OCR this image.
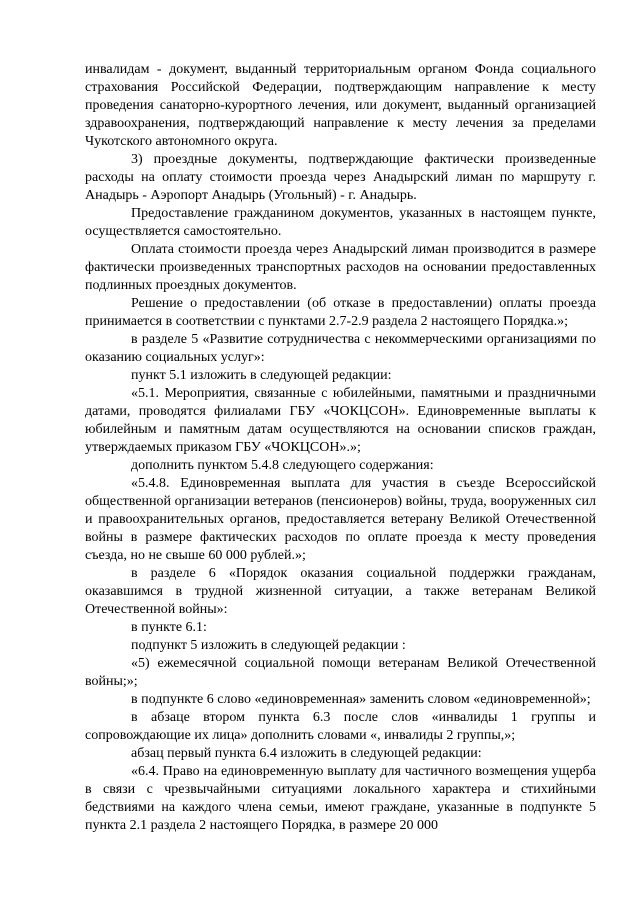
инвалидам - документ, выданный территориальным органом Фонда социального страхования Российской Федерации, подтверждающим направление к месту проведения санаторно-курортного лечения, или документ, выданный организацией здравоохранения, подтверждающий направление к месту лечения за пределами Чукотского автономного округа.

3) проездные документы, подтверждающие фактически произведенные расходы на оплату стоимости проезда через Анадырский лиман по маршруту г. Анадырь - Аэропорт Анадырь (Угольный) - г. Анадырь.

Предоставление гражданином документов, указанных в настоящем пункте, осуществляется самостоятельно.

Оплата стоимости проезда через Анадырский лиман производится в размере фактически произведенных транспортных расходов на основании предоставленных подлинных проездных документов.

Решение о предоставлении (об отказе в предоставлении) оплаты проезда принимается в соответствии с пунктами 2.7-2.9 раздела 2 настоящего Порядка.»;

в разделе 5 «Развитие сотрудничества с некоммерческими организациями по оказанию социальных услуг»:

пункт 5.1 изложить в следующей редакции:

«5.1. Мероприятия, связанные с юбилейными, памятными и праздничными датами, проводятся филиалами ГБУ «ЧОКЦСОН». Единовременные выплаты к юбилейным и памятным датам осуществляются на основании списков граждан, утверждаемых приказом ГБУ «ЧОКЦСОН».»;

дополнить пунктом 5.4.8 следующего содержания:

«5.4.8. Единовременная выплата для участия в съезде Всероссийской общественной организации ветеранов (пенсионеров) войны, труда, вооруженных сил и правоохранительных органов, предоставляется ветерану Великой Отечественной войны в размере фактических расходов по оплате проезда к месту проведения съезда, но не свыше 60 000 рублей.»;

в разделе 6 «Порядок оказания социальной поддержки гражданам, оказавшимся в трудной жизненной ситуации, а также ветеранам Великой Отечественной войны»:

в пункте 6.1:

подпункт 5 изложить в следующей редакции :

«5) ежемесячной социальной помощи ветеранам Великой Отечественной войны;»;

в подпункте 6 слово «единовременная» заменить словом «единовременной»;

в абзаце втором пункта 6.3 после слов «инвалиды 1 группы и сопровождающие их лица» дополнить словами «, инвалиды 2 группы,»;

абзац первый пункта 6.4 изложить в следующей редакции:

«6.4. Право на единовременную выплату для частичного возмещения ущерба в связи с чрезвычайными ситуациями локального характера и стихийными бедствиями на каждого члена семьи, имеют граждане, указанные в подпункте 5 пункта 2.1 раздела 2 настоящего Порядка, в размере 20 000
